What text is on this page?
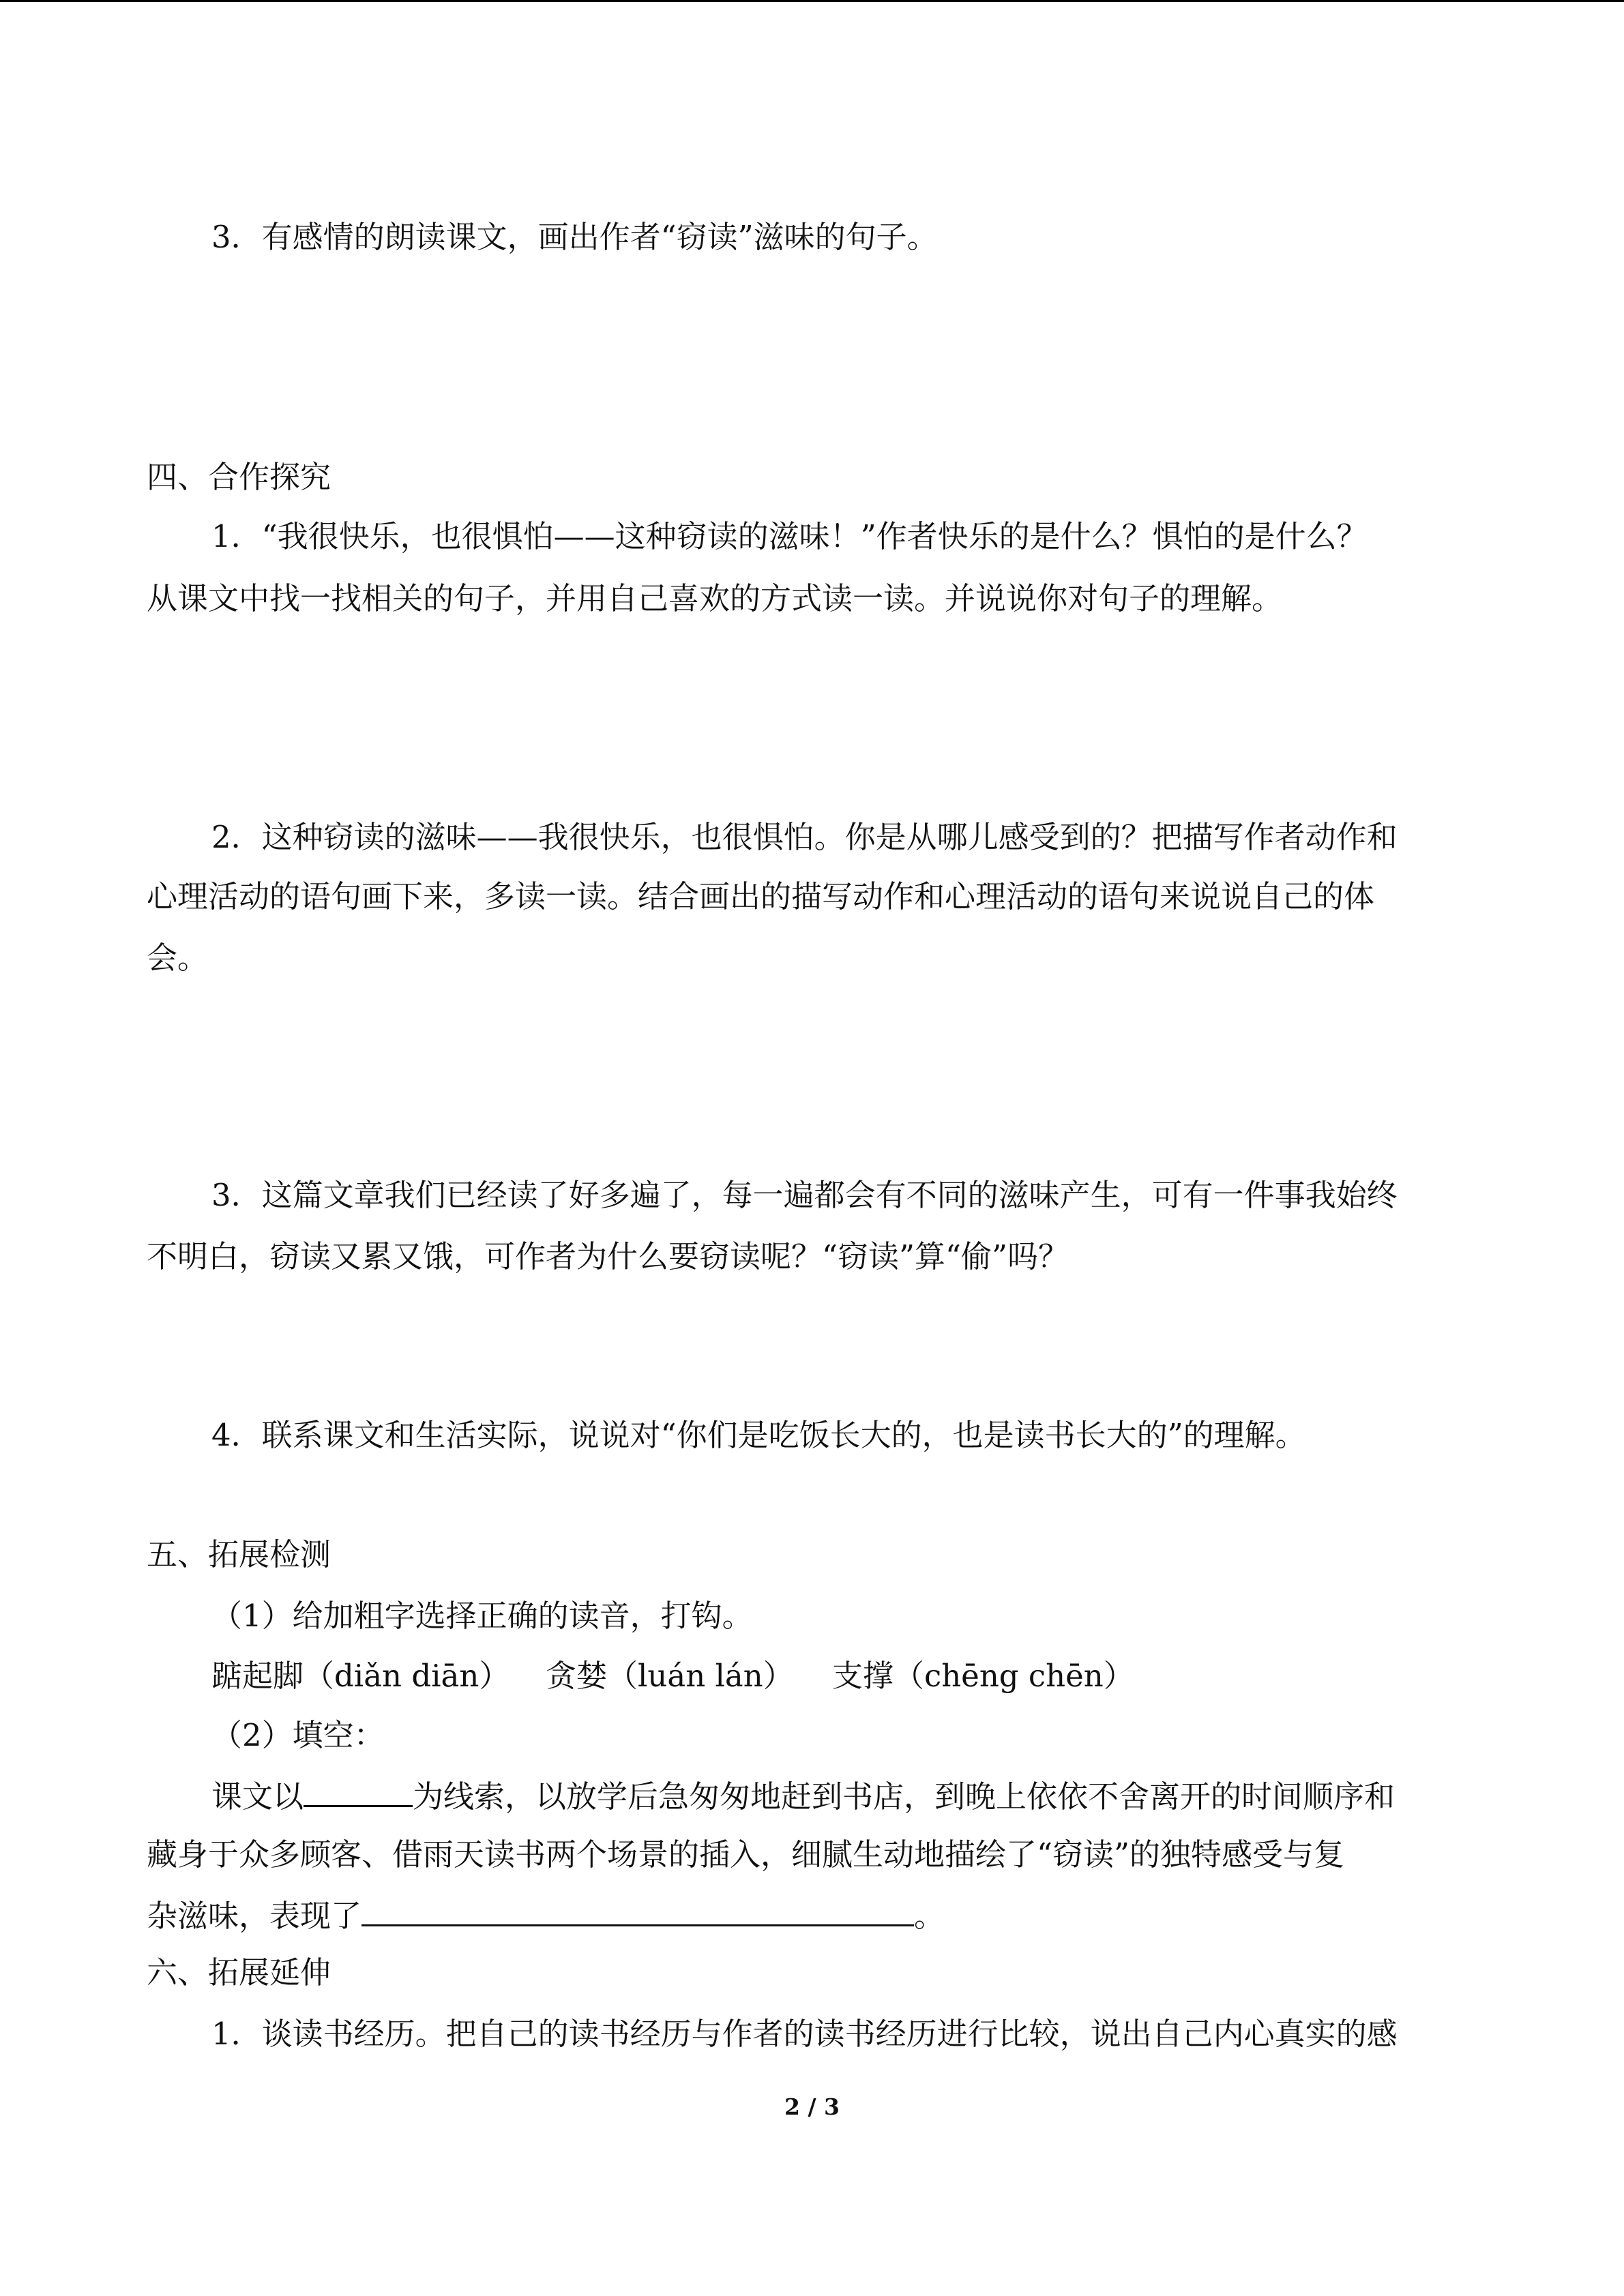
3．有感情的朗读课文，画出作者“窃读”滋味的句子。

四、合作探究

1．“我很快乐，也很惧怕——这种窃读的滋味！”作者快乐的是什么？惧怕的是什么？

从课文中找一找相关的句子，并用自己喜欢的方式读一读。并说说你对句子的理解。

2．这种窃读的滋味——我很快乐，也很惧怕。你是从哪儿感受到的？把描写作者动作和

心理活动的语句画下来，多读一读。结合画出的描写动作和心理活动的语句来说说自己的体

会。

3．这篇文章我们已经读了好多遍了，每一遍都会有不同的滋味产生，可有一件事我始终

不明白，窃读又累又饿，可作者为什么要窃读呢？“窃读”算“偷”吗？

4．联系课文和生活实际，说说对“你们是吃饭长大的，也是读书长大的”的理解。

五、拓展检测

（1）给加粗字选择正确的读音，打钩。

踮起脚（diǎn diān） 贪婪（luán lán） 支撑（chēng chēn）

（2）填空：

课文以	为线索，以放学后急匆匆地赶到书店，到晚上依依不舍离开的时间顺序和

藏身于众多顾客、借雨天读书两个场景的插入，细腻生动地描绘了“窃读”的独特感受与复

杂滋味，表现了	。

六、拓展延伸

1．谈读书经历。把自己的读书经历与作者的读书经历进行比较，说出自己内心真实的感

2 / 3
